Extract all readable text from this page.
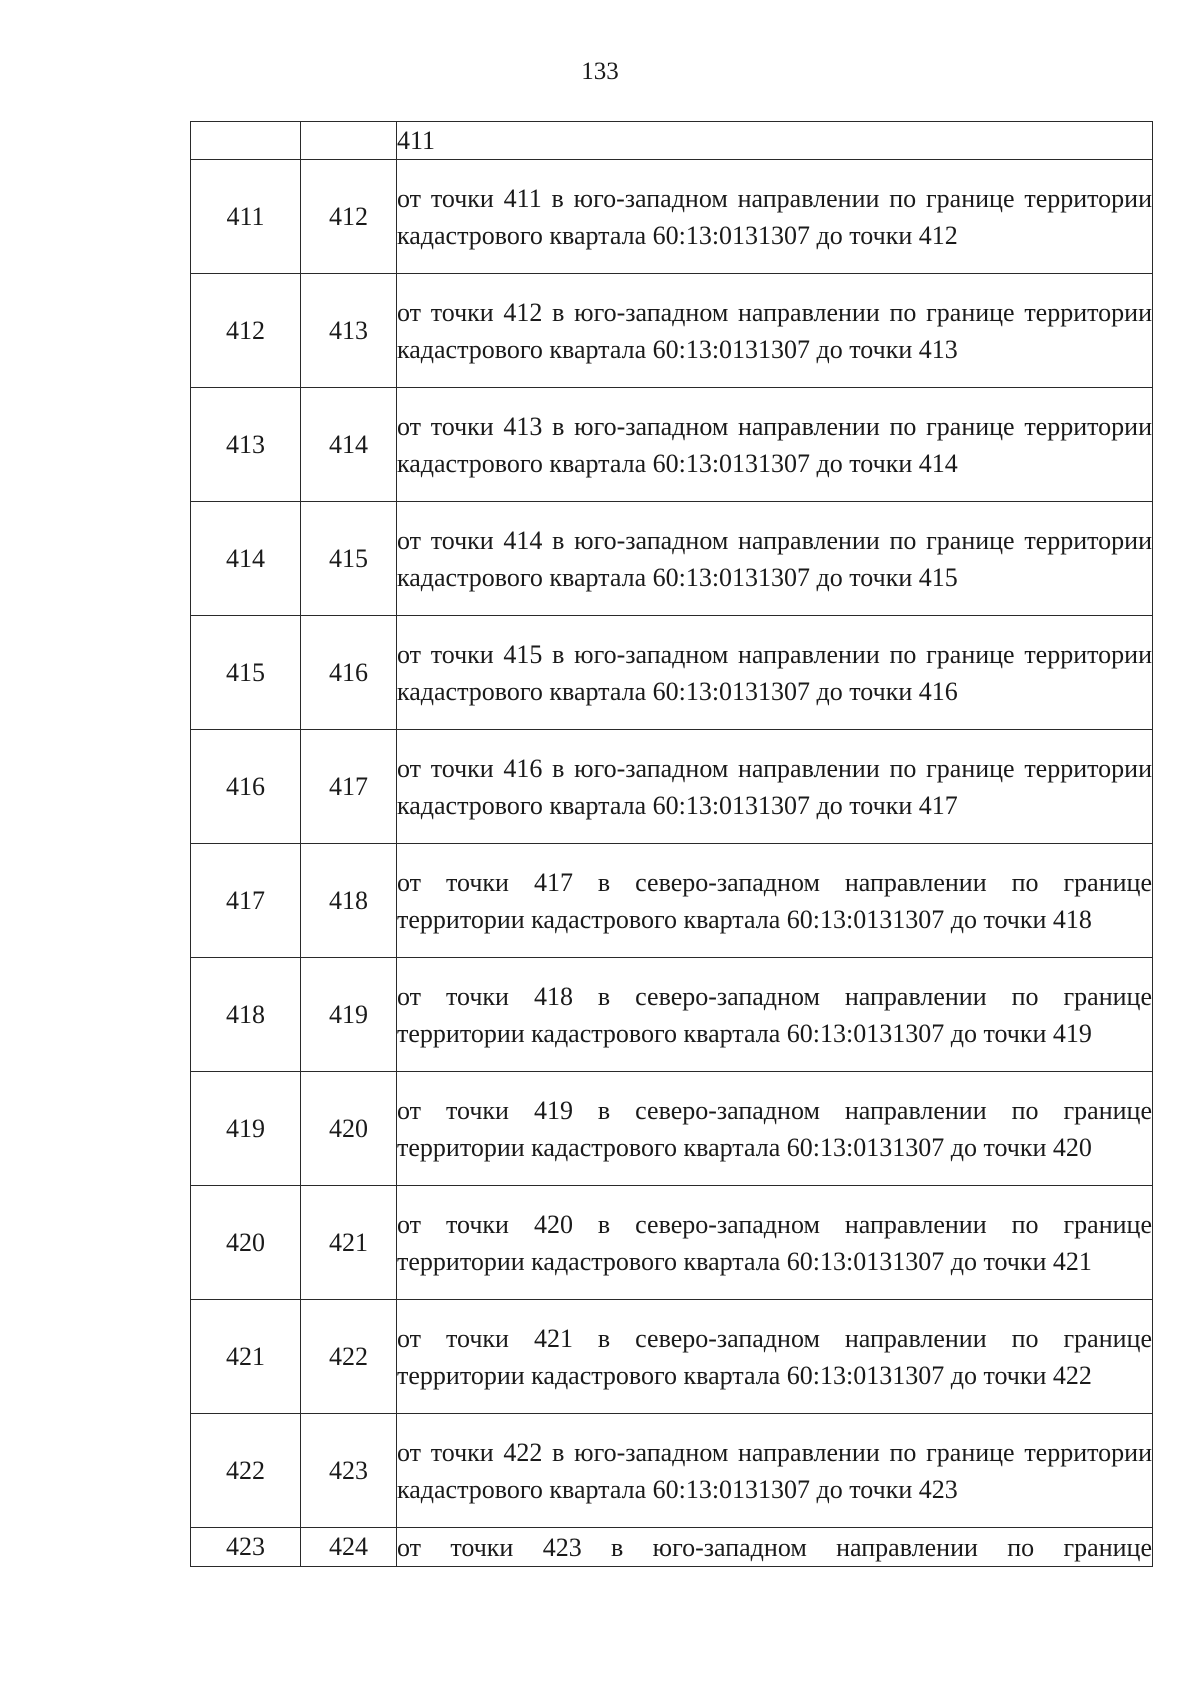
133
		411
411	412	от точки 411 в юго-западном направлении по границе территории кадастрового квартала 60:13:0131307 до точки 412
412	413	от точки 412 в юго-западном направлении по границе территории кадастрового квартала 60:13:0131307 до точки 413
413	414	от точки 413 в юго-западном направлении по границе территории кадастрового квартала 60:13:0131307 до точки 414
414	415	от точки 414 в юго-западном направлении по границе территории кадастрового квартала 60:13:0131307 до точки 415
415	416	от точки 415 в юго-западном направлении по границе территории кадастрового квартала 60:13:0131307 до точки 416
416	417	от точки 416 в юго-западном направлении по границе территории кадастрового квартала 60:13:0131307 до точки 417
417	418	от точки 417 в северо-западном направлении по границе территории кадастрового квартала 60:13:0131307 до точки 418
418	419	от точки 418 в северо-западном направлении по границе территории кадастрового квартала 60:13:0131307 до точки 419
419	420	от точки 419 в северо-западном направлении по границе территории кадастрового квартала 60:13:0131307 до точки 420
420	421	от точки 420 в северо-западном направлении по границе территории кадастрового квартала 60:13:0131307 до точки 421
421	422	от точки 421 в северо-западном направлении по границе территории кадастрового квартала 60:13:0131307 до точки 422
422	423	от точки 422 в юго-западном направлении по границе территории кадастрового квартала 60:13:0131307 до точки 423
423	424	от точки 423 в юго-западном направлении по границе
